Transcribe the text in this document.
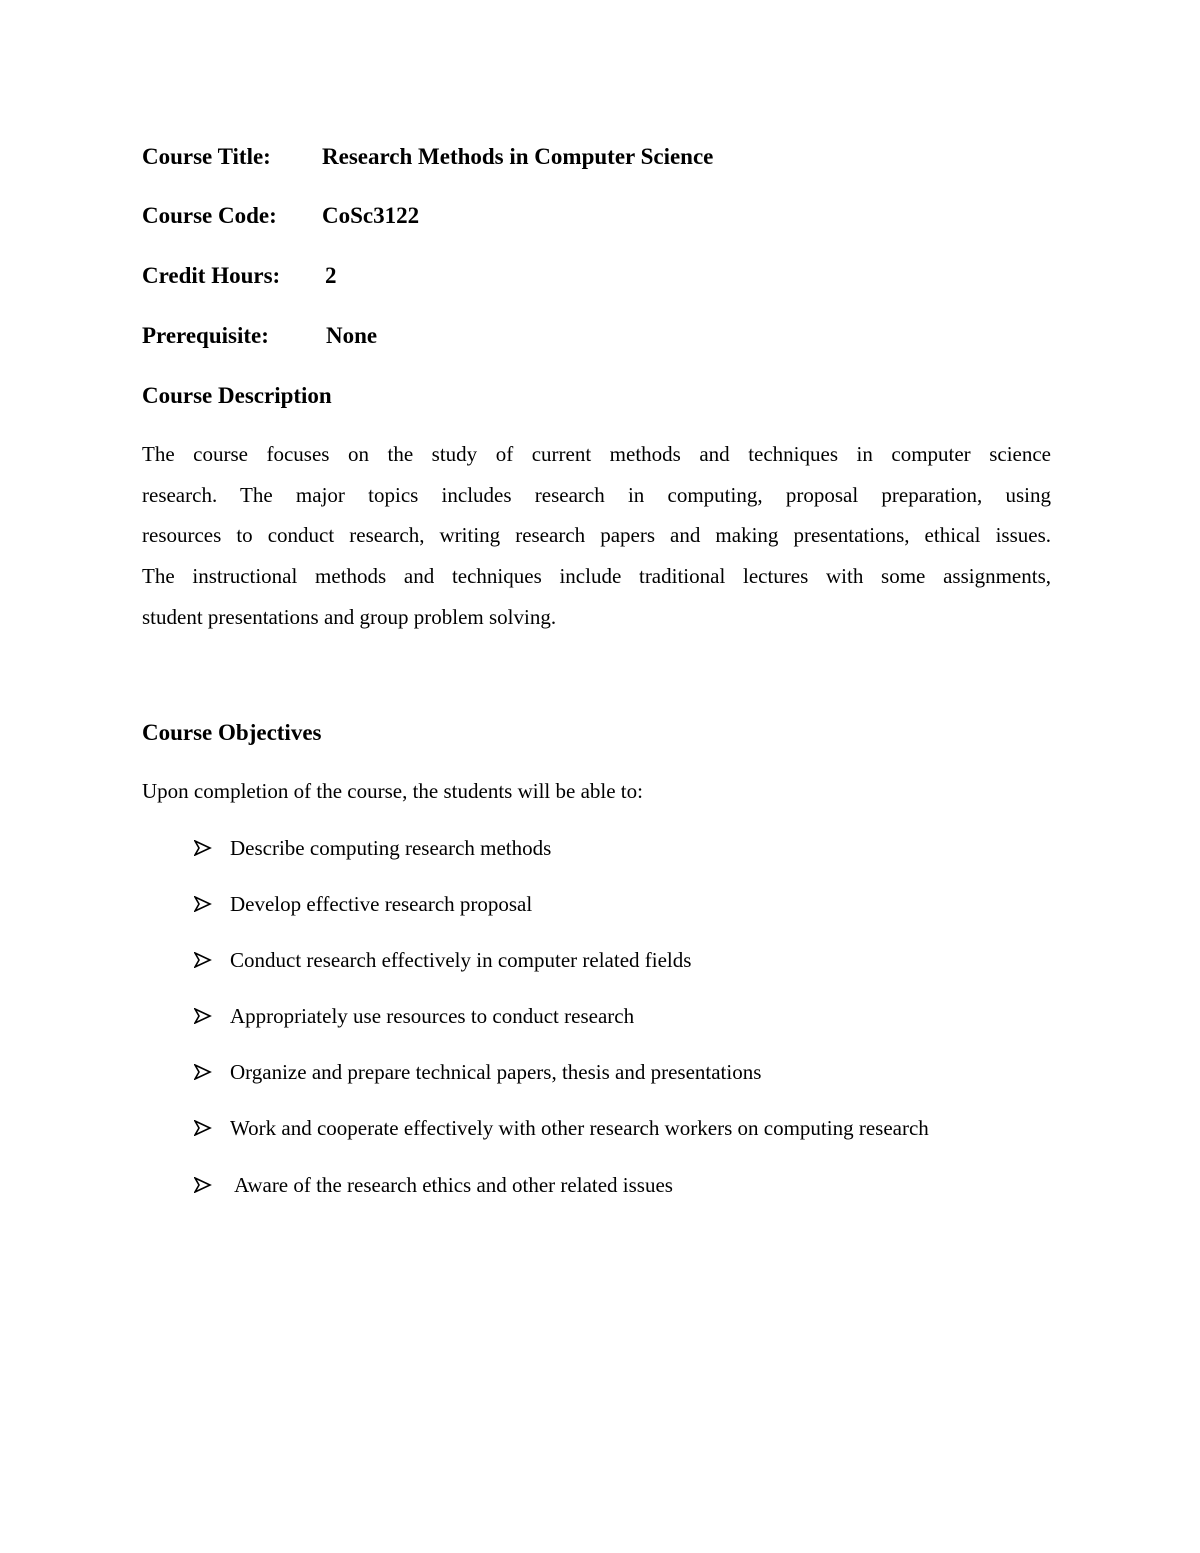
Course Title: Research Methods in Computer Science
Course Code: CoSc3122
Credit Hours: 2
Prerequisite: None
Course Description
The course focuses on the study of current methods and techniques in computer science
research. The major topics includes research in computing, proposal preparation, using
resources to conduct research, writing research papers and making presentations, ethical issues.
The instructional methods and techniques include traditional lectures with some assignments,
student presentations and group problem solving.
Course Objectives
Upon completion of the course, the students will be able to:
Describe computing research methods
Develop effective research proposal
Conduct research effectively in computer related fields
Appropriately use resources to conduct research
Organize and prepare technical papers, thesis and presentations
Work and cooperate effectively with other research workers on computing research
Aware of the research ethics and other related issues
